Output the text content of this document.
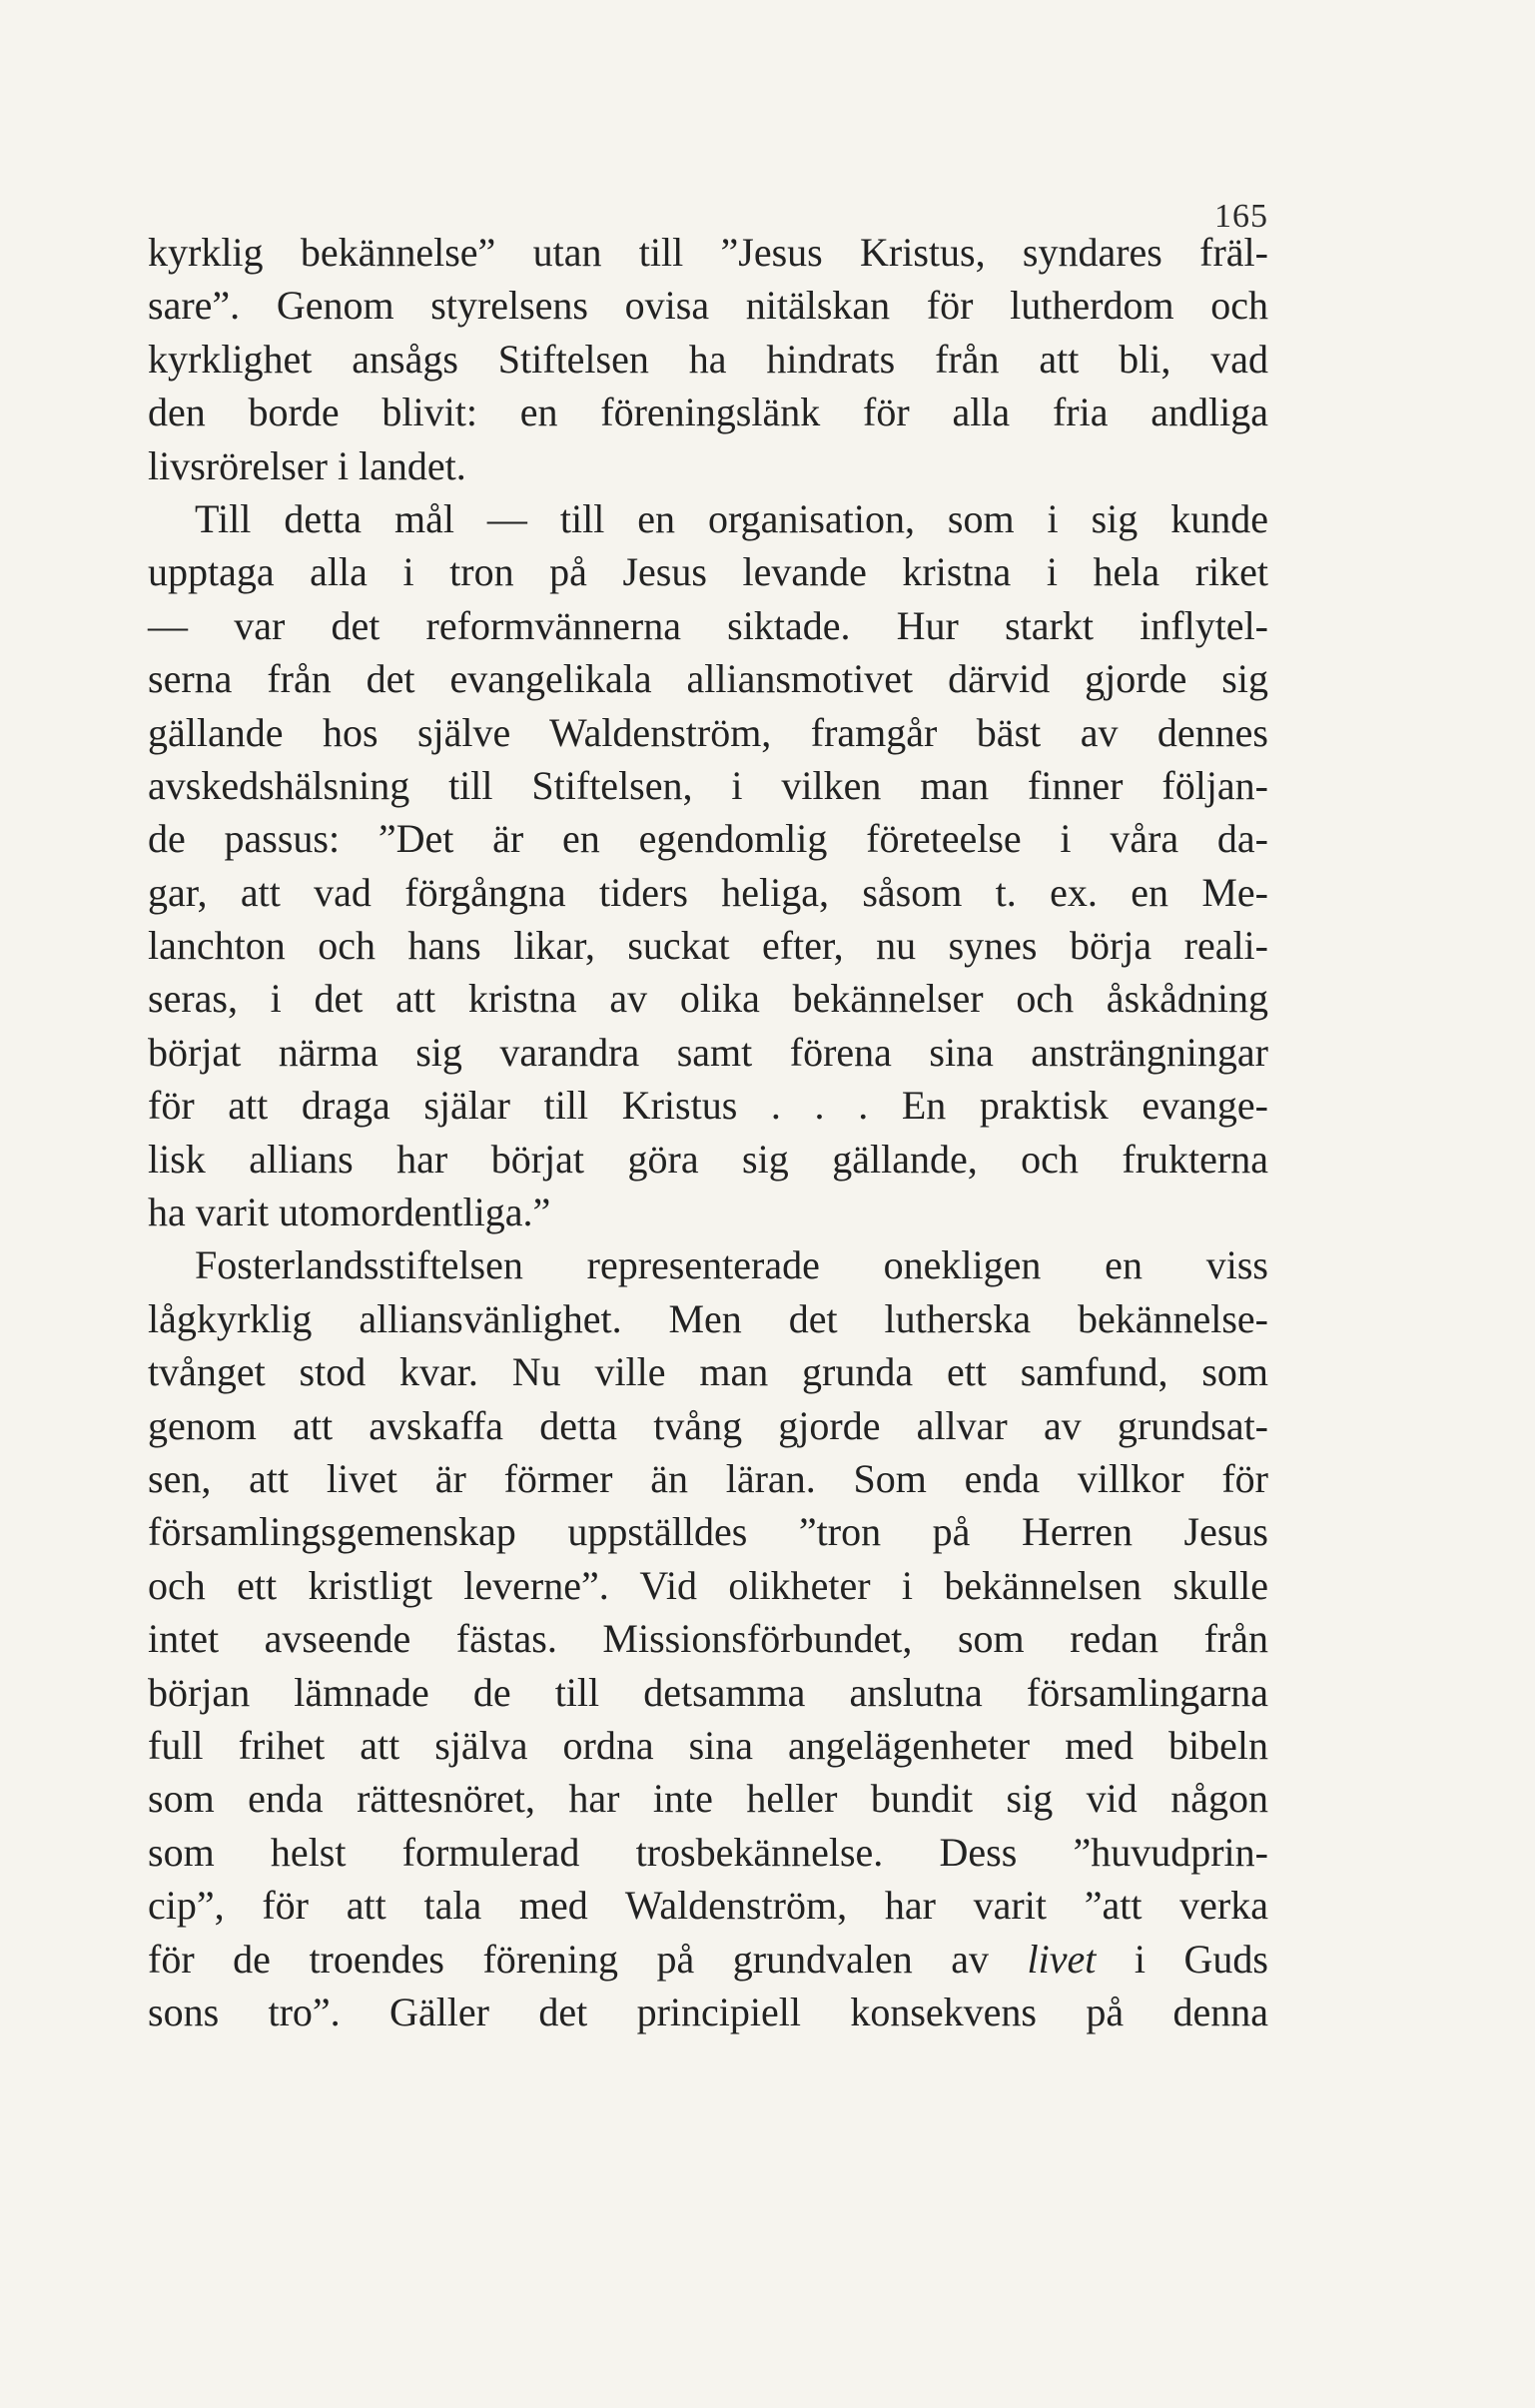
165
kyrklig bekännelse” utan till ”Jesus Kristus, syndares fräl-
sare”. Genom styrelsens ovisa nitälskan för lutherdom och
kyrklighet ansågs Stiftelsen ha hindrats från att bli, vad
den borde blivit: en föreningslänk för alla fria andliga
livsrörelser i landet.
Till detta mål — till en organisation, som i sig kunde
upptaga alla i tron på Jesus levande kristna i hela riket
— var det reformvännerna siktade. Hur starkt inflytel-
serna från det evangelikala alliansmotivet därvid gjorde sig
gällande hos själve Waldenström, framgår bäst av dennes
avskedshälsning till Stiftelsen, i vilken man finner följan-
de passus: ”Det är en egendomlig företeelse i våra da-
gar, att vad förgångna tiders heliga, såsom t. ex. en Me-
lanchton och hans likar, suckat efter, nu synes börja reali-
seras, i det att kristna av olika bekännelser och åskådning
börjat närma sig varandra samt förena sina ansträngningar
för att draga själar till Kristus . . . En praktisk evange-
lisk allians har börjat göra sig gällande, och frukterna
ha varit utomordentliga.”
Fosterlandsstiftelsen representerade onekligen en viss
lågkyrklig alliansvänlighet. Men det lutherska bekännelse-
tvånget stod kvar. Nu ville man grunda ett samfund, som
genom att avskaffa detta tvång gjorde allvar av grundsat-
sen, att livet är förmer än läran. Som enda villkor för
församlingsgemenskap uppställdes ”tron på Herren Jesus
och ett kristligt leverne”. Vid olikheter i bekännelsen skulle
intet avseende fästas. Missionsförbundet, som redan från
början lämnade de till detsamma anslutna församlingarna
full frihet att själva ordna sina angelägenheter med bibeln
som enda rättesnöret, har inte heller bundit sig vid någon
som helst formulerad trosbekännelse. Dess ”huvudprin-
cip”, för att tala med Waldenström, har varit ”att verka
för de troendes förening på grundvalen av livet i Guds
sons tro”. Gäller det principiell konsekvens på denna
